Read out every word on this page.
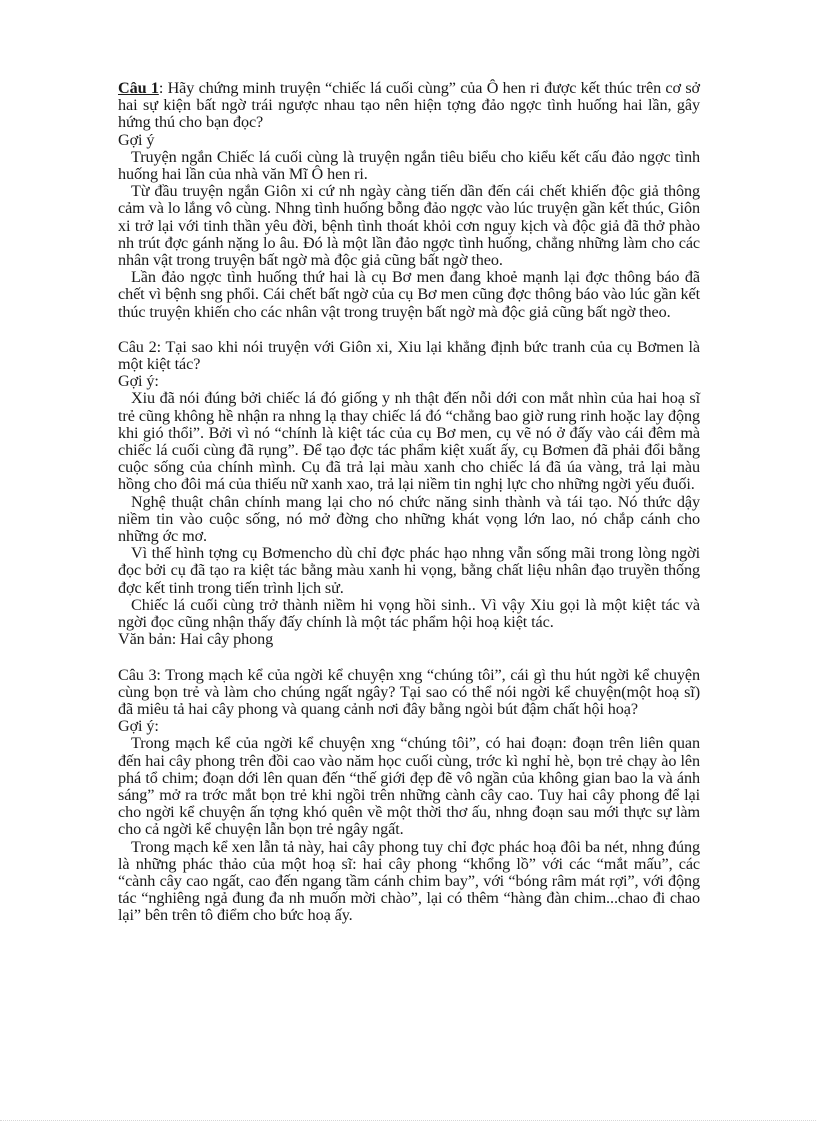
Câu 1: Hãy chứng minh truyện “chiếc lá cuối cùng” của Ô hen ri được kết thúc trên cơ sở hai sự kiện bất ngờ trái ngược nhau tạo nên hiện tợng đảo ngợc tình huống hai lần, gây hứng thú cho bạn đọc?

Gợi ý

Truyện ngắn Chiếc lá cuối cùng là truyện ngắn tiêu biểu cho kiểu kết cấu đảo ngợc tình huống hai lần của nhà văn Mĩ Ô hen ri.

Từ đầu truyện ngắn Giôn xi cứ nh ngày càng tiến dần đến cái chết khiến độc giả thông cảm và lo lắng vô cùng. Nhng tình huống bỗng đảo ngợc vào lúc truyện gần kết thúc, Giôn xi trở lại với tinh thần yêu đời, bệnh tình thoát khỏi cơn nguy kịch và độc giả đã thở phào nh trút đợc gánh nặng lo âu. Đó là một lần đảo ngợc tình huống, chẳng những làm cho các nhân vật trong truyện bất ngờ mà độc giả cũng bất ngờ theo.

Lần đảo ngợc tình huống thứ hai là cụ Bơ men đang khoẻ mạnh lại đợc thông báo đã chết vì bệnh sng phổi. Cái chết bất ngờ của cụ Bơ men cũng đợc thông báo vào lúc gần kết thúc truyện khiến cho các nhân vật trong truyện bất ngờ mà độc giả cũng bất ngờ theo.

Câu 2: Tại sao khi nói truyện với Giôn xi, Xiu lại khẳng định bức tranh của cụ Bơmen là một kiệt tác?

Gợi ý:

Xiu đã nói đúng bởi chiếc lá đó giống y nh thật đến nỗi dới con mắt nhìn của hai hoạ sĩ trẻ cũng không hề nhận ra nhng lạ thay chiếc lá đó “chẳng bao giờ rung rinh hoặc lay động khi gió thổi”. Bởi vì nó “chính là kiệt tác của cụ Bơ men, cụ vẽ nó ở đấy vào cái đêm mà chiếc lá cuối cùng đã rụng”. Để tạo đợc tác phẩm kiệt xuất ấy, cụ Bơmen đã phải đổi bằng cuộc sống của chính mình. Cụ đã trả lại màu xanh cho chiếc lá đã úa vàng, trả lại màu hồng cho đôi má của thiếu nữ xanh xao, trả lại niềm tin nghị lực cho những ngời yếu đuối.

Nghệ thuật chân chính mang lại cho nó chức năng sinh thành và tái tạo. Nó thức dậy niềm tin vào cuộc sống, nó mở đờng cho những khát vọng lớn lao, nó chắp cánh cho những ớc mơ.

Vì thế hình tợng cụ Bơmencho dù chỉ đợc phác hạo nhng vẫn sống mãi trong lòng ngời đọc bởi cụ đã tạo ra kiệt tác bằng màu xanh hi vọng, bằng chất liệu nhân đạo truyền thống đợc kết tinh trong tiến trình lịch sử.

Chiếc lá cuối cùng trở thành niềm hi vọng hồi sinh.. Vì vậy Xiu gọi là một kiệt tác và ngời đọc cũng nhận thấy đấy chính là một tác phẩm hội hoạ kiệt tác.

Văn bản: Hai cây phong

Câu 3: Trong mạch kể của ngời kể chuyện xng “chúng tôi”, cái gì thu hút ngời kể chuyện cùng bọn trẻ và làm cho chúng ngất ngây? Tại sao có thể nói ngời kể chuyện(một hoạ sĩ) đã miêu tả hai cây phong và quang cảnh nơi đây bằng ngòi bút đậm chất hội hoạ?

Gợi ý:

Trong mạch kể của ngời kể chuyện xng “chúng tôi”, có hai đoạn: đoạn trên liên quan đến hai cây phong trên đồi cao vào năm học cuối cùng, trớc kì nghỉ hè, bọn trẻ chạy ào lên phá tổ chim; đoạn dới lên quan đến “thế giới đẹp đẽ vô ngần của không gian bao la và ánh sáng” mở ra trớc mắt bọn trẻ khi ngồi trên những cành cây cao. Tuy hai cây phong để lại cho ngời kể chuyện ấn tợng khó quên về một thời thơ ấu, nhng đoạn sau mới thực sự làm cho cả ngời kể chuyện lẫn bọn trẻ ngây ngất.

Trong mạch kể xen lẫn tả này, hai cây phong tuy chỉ đợc phác hoạ đôi ba nét, nhng đúng là những phác thảo của một hoạ sĩ: hai cây phong “khổng lồ” với các “mắt mấu”, các “cành cây cao ngất, cao đến ngang tầm cánh chim bay”, với “bóng râm mát rợi”, với động tác “nghiêng ngả đung đa nh muốn mời chào”, lại có thêm “hàng đàn chim...chao đi chao lại” bên trên tô điểm cho bức hoạ ấy.
